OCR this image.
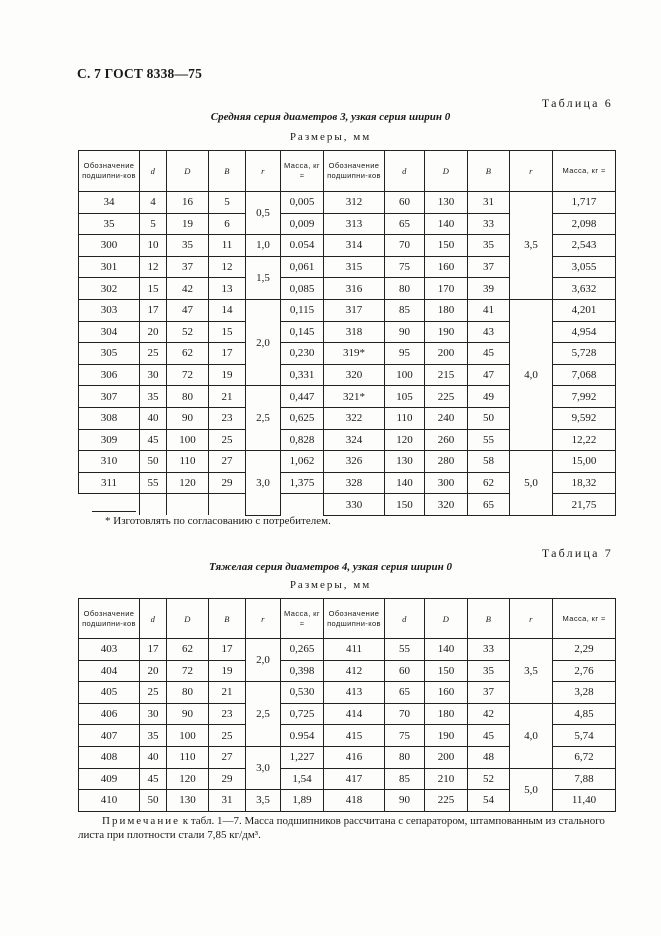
С. 7 ГОСТ 8338—75
Таблица 6
Средняя серия диаметров 3, узкая серия ширин 0
Размеры, мм
Обозначение подшипни-ков	d	D	B	r	Масса, кг ≈	Обозначение подшипни-ков	d	D	B	r	Масса, кг ≈
34	4	16	5	0,5	0,005	312	60	130	31	3,5	1,717
35	5	19	6		0,009	313	65	140	33		2,098
300	10	35	11	1,0	0.054	314	70	150	35		2,543
301	12	37	12	1,5	0,061	315	75	160	37		3,055
302	15	42	13		0,085	316	80	170	39		3,632
303	17	47	14	2,0	0,115	317	85	180	41	4,0	4,201
304	20	52	15		0,145	318	90	190	43		4,954
305	25	62	17		0,230	319*	95	200	45		5,728
306	30	72	19		0,331	320	100	215	47		7,068
307	35	80	21	2,5	0,447	321*	105	225	49		7,992
308	40	90	23		0,625	322	110	240	50		9,592
309	45	100	25		0,828	324	120	260	55		12,22
310	50	110	27	3,0	1,062	326	130	280	58	5,0	15,00
311	55	120	29		1,375	328	140	300	62		18,32
						330	150	320	65		21,75
* Изготовлять по согласованию с потребителем.
Таблица 7
Тяжелая серия диаметров 4, узкая серия ширин 0
Размеры, мм
Обозначение подшипни-ков	d	D	B	r	Масса, кг ≈	Обозначение подшипни-ков	d	D	B	r	Масса, кг ≈
403	17	62	17	2,0	0,265	411	55	140	33	3,5	2,29
404	20	72	19		0,398	412	60	150	35		2,76
405	25	80	21	2,5	0,530	413	65	160	37		3,28
406	30	90	23		0,725	414	70	180	42	4,0	4,85
407	35	100	25		0.954	415	75	190	45		5,74
408	40	110	27	3,0	1,227	416	80	200	48		6,72
409	45	120	29		1,54	417	85	210	52	5,0	7,88
410	50	130	31	3,5	1,89	418	90	225	54		11,40
Примечание к табл. 1—7. Масса подшипников рассчитана с сепаратором, штампованным из стального листа при плотности стали 7,85 кг/дм³.
